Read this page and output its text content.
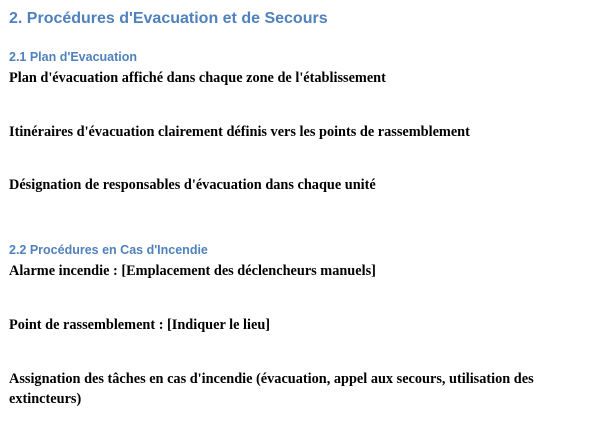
2. Procédures d'Evacuation et de Secours
2.1 Plan d'Evacuation
Plan d'évacuation affiché dans chaque zone de l'établissement
Itinéraires d'évacuation clairement définis vers les points de rassemblement
Désignation de responsables d'évacuation dans chaque unité
2.2 Procédures en Cas d'Incendie
Alarme incendie : [Emplacement des déclencheurs manuels]
Point de rassemblement : [Indiquer le lieu]
Assignation des tâches en cas d'incendie (évacuation, appel aux secours, utilisation des extincteurs)
